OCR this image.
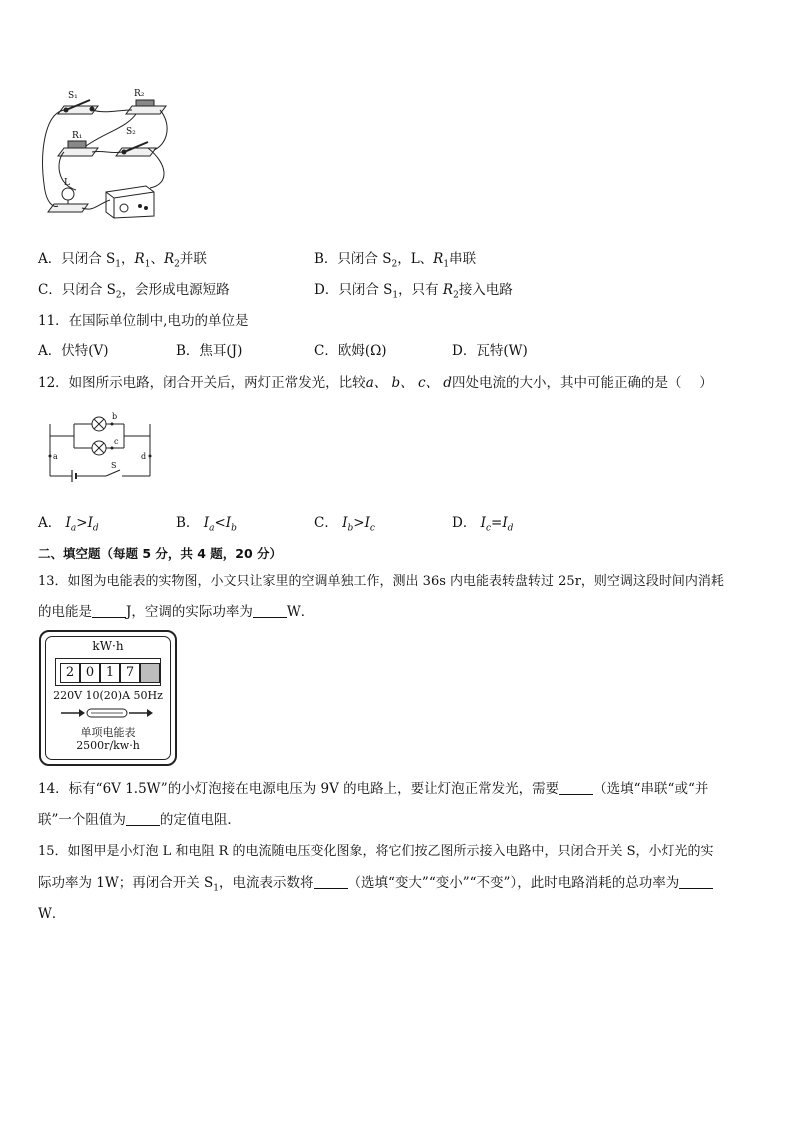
S₁	R₂
R₁	S₂
L
A．只闭合 $S_1$，$R_1$、$R_2$并联	B．只闭合 $S_2$，L、$R_1$串联
C．只闭合 $S_2$，会形成电源短路	D．只闭合 $S_1$，只有 $R_2$接入电路
11．在国际单位制中,电功的单位是
A．伏特(V)	B．焦耳(J)	C．欧姆(Ω)	D．瓦特(W)
12．如图所示电路，闭合开关后，两灯正常发光，比较a、 b、 c、 d四处电流的大小，其中可能正确的是（　 ）
a
b
c
d
S
A． $I_a>I_d$	B． $I_a<I_b$	C． $I_b>I_c$	D． $I_c=I_d$
二、填空题（每题 5 分，共 4 题，20 分）
13．如图为电能表的实物图，小文只让家里的空调单独工作，测出 36s 内电能表转盘转过 25r，则空调这段时间内消耗
的电能是	J，空调的实际功率为	W．
kW·h
2 0 1 7
220V 10(20)A 50Hz
单项电能表
2500r/kw·h
14．标有“6V 1.5W”的小灯泡接在电源电压为 9V 的电路上，要让灯泡正常发光，需要	（选填“串联“或“并
联”一个阻值为	的定值电阻．
15．如图甲是小灯泡 L 和电阻 R 的电流随电压变化图象，将它们按乙图所示接入电路中，只闭合开关 S，小灯光的实
际功率为 1W；再闭合开关 $S_1$，电流表示数将	（选填“变大”“变小”“不变”），此时电路消耗的总功率为
W．
